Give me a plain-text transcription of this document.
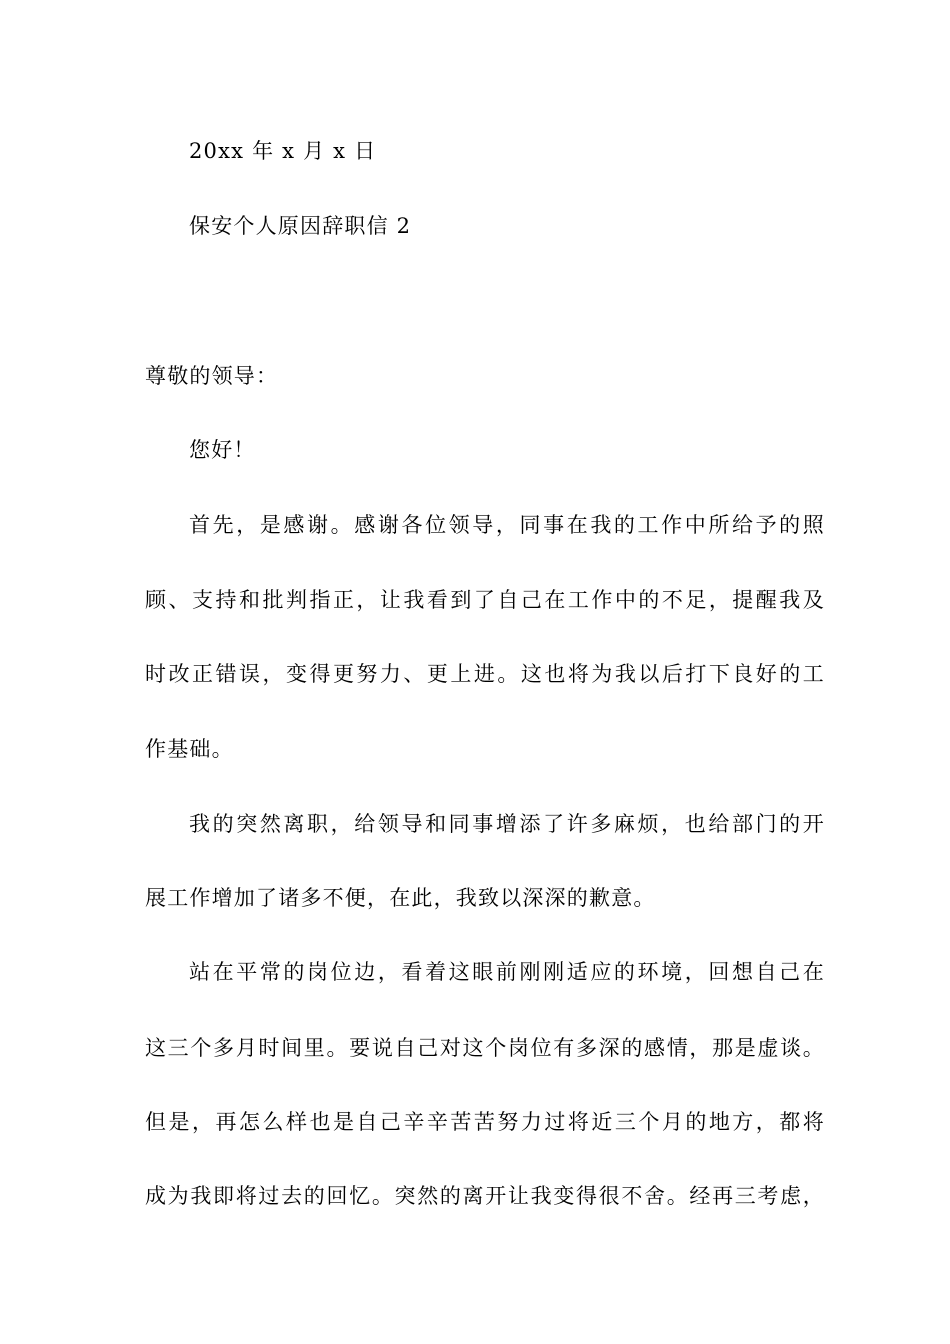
20xx 年 x 月 x 日
保安个人原因辞职信 2
尊敬的领导：
您好！
首先，是感谢。感谢各位领导，同事在我的工作中所给予的照
顾、支持和批判指正，让我看到了自己在工作中的不足，提醒我及
时改正错误，变得更努力、更上进。这也将为我以后打下良好的工
作基础。
我的突然离职，给领导和同事增添了许多麻烦，也给部门的开
展工作增加了诸多不便，在此，我致以深深的歉意。
站在平常的岗位边，看着这眼前刚刚适应的环境，回想自己在
这三个多月时间里。要说自己对这个岗位有多深的感情，那是虚谈。
但是，再怎么样也是自己辛辛苦苦努力过将近三个月的地方，都将
成为我即将过去的回忆。突然的离开让我变得很不舍。经再三考虑，
